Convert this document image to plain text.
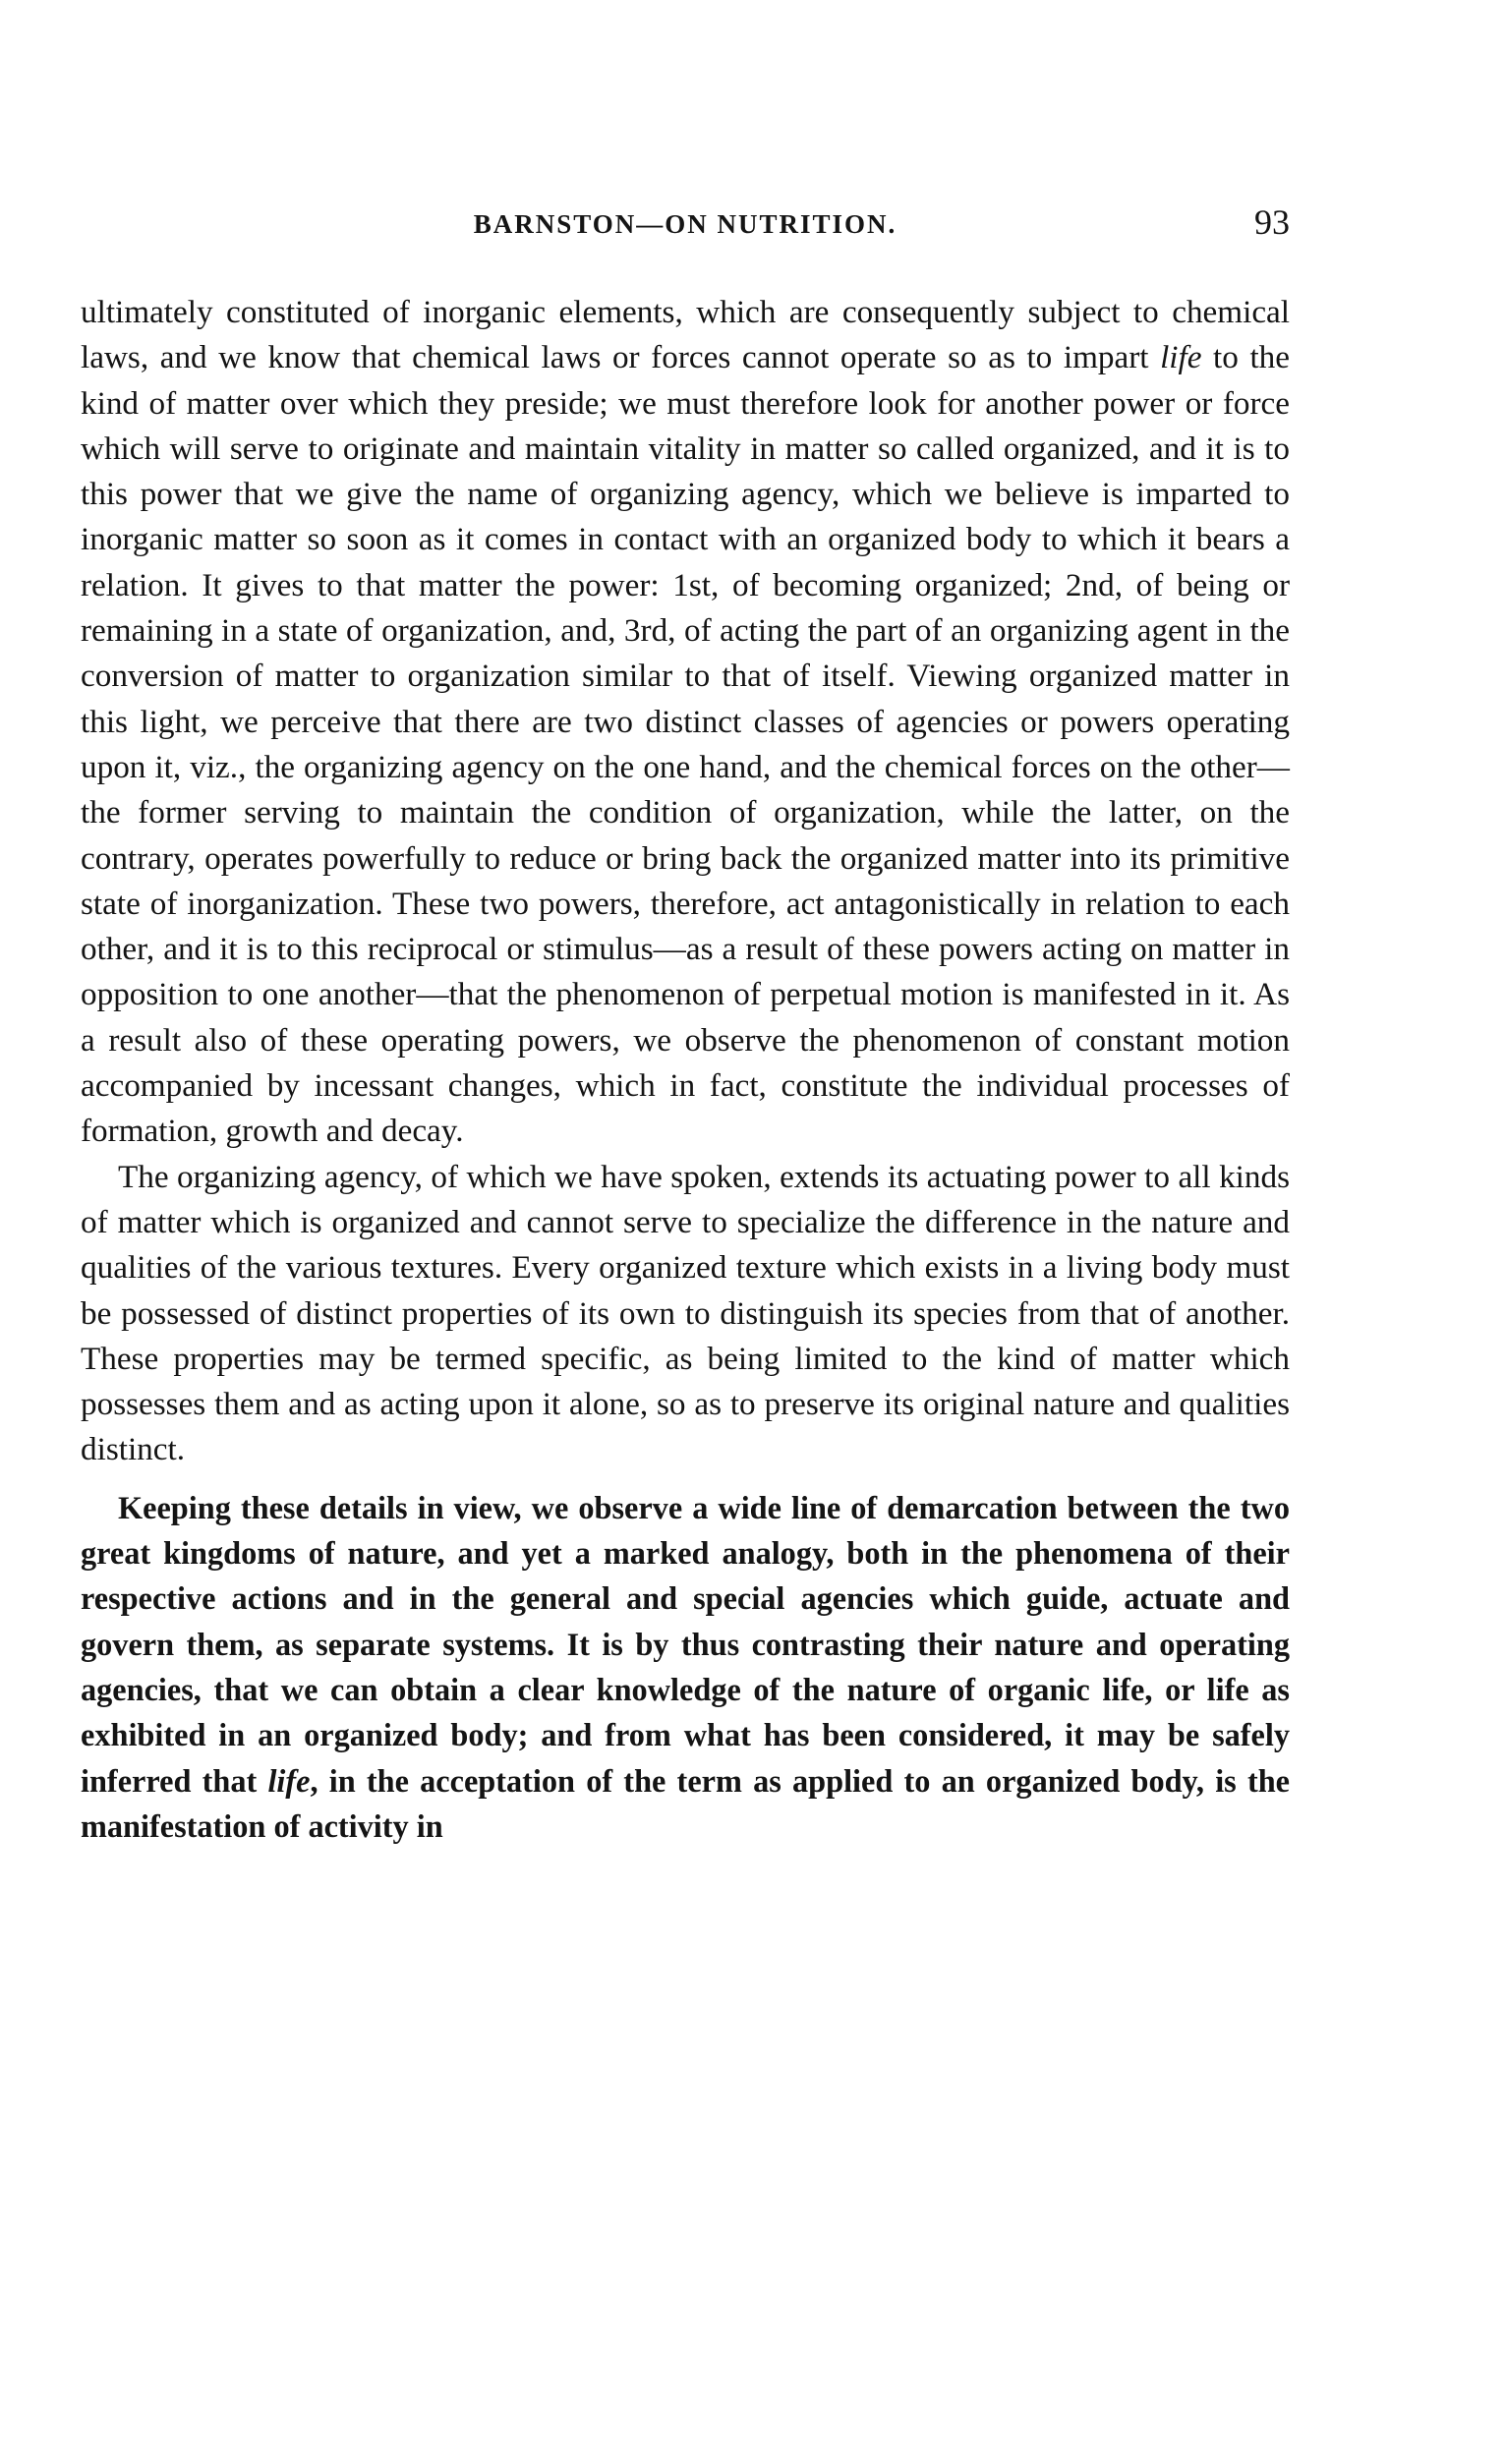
BARNSTON—ON NUTRITION.	93

ultimately constituted of inorganic elements, which are consequently subject to chemical laws, and we know that chemical laws or forces cannot operate so as to impart life to the kind of matter over which they preside; we must therefore look for another power or force which will serve to originate and maintain vitality in matter so called organized, and it is to this power that we give the name of organizing agency, which we believe is imparted to inorganic matter so soon as it comes in contact with an organized body to which it bears a relation. It gives to that matter the power: 1st, of becoming organized; 2nd, of being or remaining in a state of organization, and, 3rd, of acting the part of an organizing agent in the conversion of matter to organization similar to that of itself. Viewing organized matter in this light, we perceive that there are two distinct classes of agencies or powers operating upon it, viz., the organizing agency on the one hand, and the chemical forces on the other—the former serving to maintain the condition of organization, while the latter, on the contrary, operates powerfully to reduce or bring back the organized matter into its primitive state of inorganization. These two powers, therefore, act antagonistically in relation to each other, and it is to this reciprocal or stimulus—as a result of these powers acting on matter in opposition to one another—that the phenomenon of perpetual motion is manifested in it. As a result also of these operating powers, we observe the phenomenon of constant motion accompanied by incessant changes, which in fact, constitute the individual processes of formation, growth and decay.

The organizing agency, of which we have spoken, extends its actuating power to all kinds of matter which is organized and cannot serve to specialize the difference in the nature and qualities of the various textures. Every organized texture which exists in a living body must be possessed of distinct properties of its own to distinguish its species from that of another. These properties may be termed specific, as being limited to the kind of matter which possesses them and as acting upon it alone, so as to preserve its original nature and qualities distinct.

Keeping these details in view, we observe a wide line of demarcation between the two great kingdoms of nature, and yet a marked analogy, both in the phenomena of their respective actions and in the general and special agencies which guide, actuate and govern them, as separate systems. It is by thus contrasting their nature and operating agencies, that we can obtain a clear knowledge of the nature of organic life, or life as exhibited in an organized body; and from what has been considered, it may be safely inferred that life, in the acceptation of the term as applied to an organized body, is the manifestation of activity in
